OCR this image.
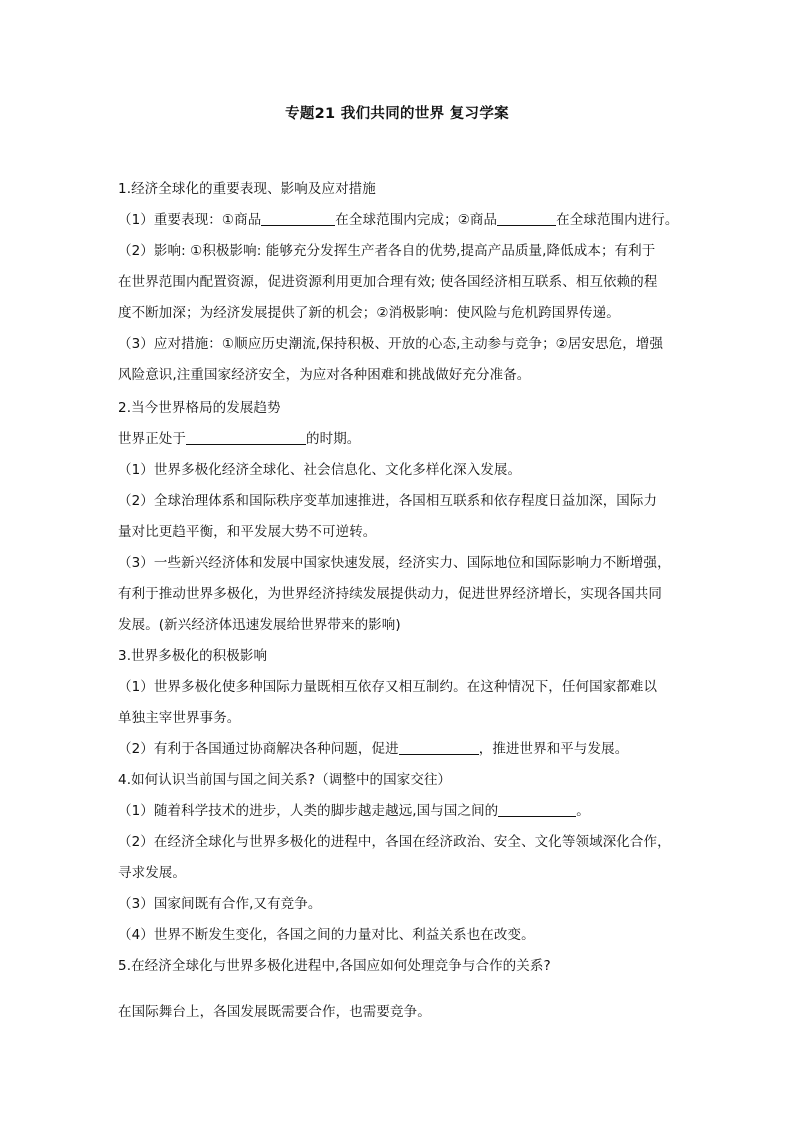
专题21 我们共同的世界 复习学案
1.经济全球化的重要表现、影响及应对措施
（1）重要表现：①商品	在全球范围内完成；②商品	在全球范围内进行。
（2）影响: ①积极影响: 能够充分发挥生产者各自的优势,提高产品质量,降低成本；有利于
在世界范围内配置资源，促进资源利用更加合理有效; 使各国经济相互联系、相互依赖的程
度不断加深；为经济发展提供了新的机会；②消极影响：使风险与危机跨国界传递。
（3）应对措施：①顺应历史潮流,保持积极、开放的心态,主动参与竞争；②居安思危，增强
风险意识,注重国家经济安全，为应对各种困难和挑战做好充分准备。
2.当今世界格局的发展趋势
世界正处于	的时期。
（1）世界多极化经济全球化、社会信息化、文化多样化深入发展。
（2）全球治理体系和国际秩序变革加速推进，各国相互联系和依存程度日益加深，国际力
量对比更趋平衡，和平发展大势不可逆转。
（3）一些新兴经济体和发展中国家快速发展，经济实力、国际地位和国际影响力不断增强，
有利于推动世界多极化，为世界经济持续发展提供动力，促进世界经济增长，实现各国共同
发展。(新兴经济体迅速发展给世界带来的影响)
3.世界多极化的积极影响
（1）世界多极化使多种国际力量既相互依存又相互制约。在这种情况下，任何国家都难以
单独主宰世界事务。
（2）有利于各国通过协商解决各种问题，促进	，推进世界和平与发展。
4.如何认识当前国与国之间关系?（调整中的国家交往）
（1）随着科学技术的进步，人类的脚步越走越远,国与国之间的	。
（2）在经济全球化与世界多极化的进程中，各国在经济政治、安全、文化等领域深化合作，
寻求发展。
（3）国家间既有合作,又有竞争。
（4）世界不断发生变化，各国之间的力量对比、利益关系也在改变。
5.在经济全球化与世界多极化进程中,各国应如何处理竞争与合作的关系?
在国际舞台上，各国发展既需要合作，也需要竞争。
